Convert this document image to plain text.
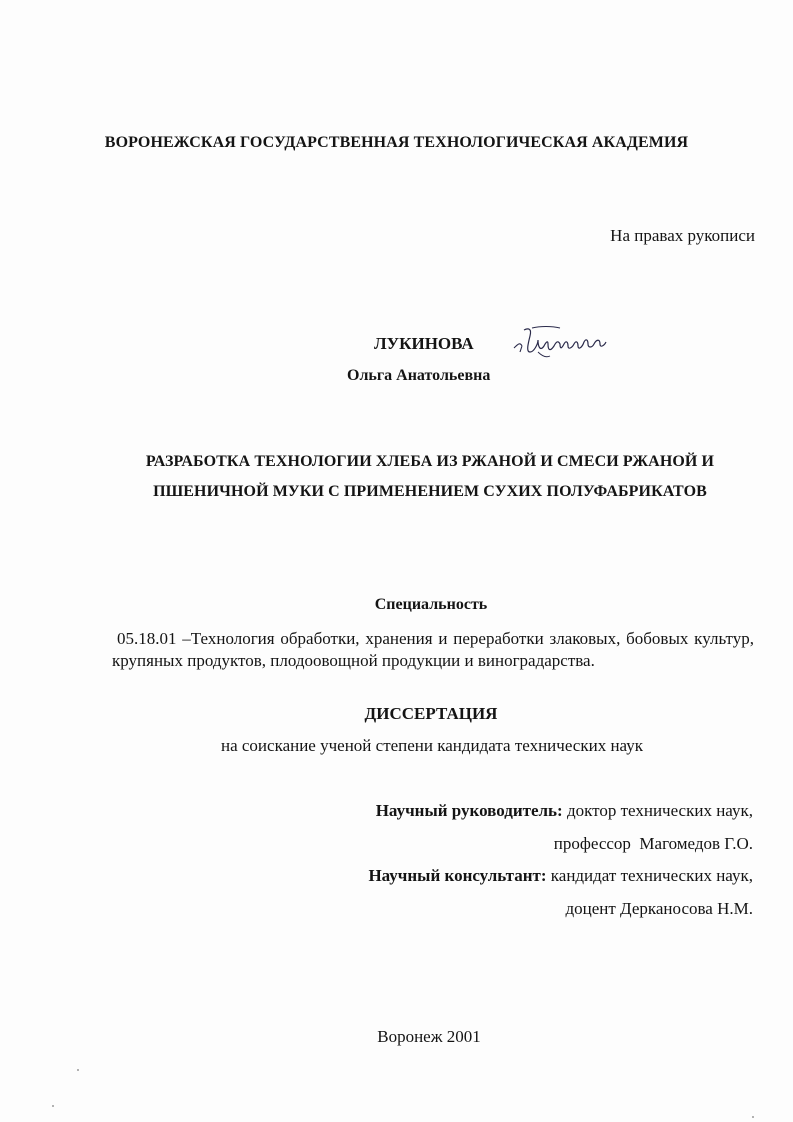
ВОРОНЕЖСКАЯ ГОСУДАРСТВЕННАЯ ТЕХНОЛОГИЧЕСКАЯ АКАДЕМИЯ
На правах рукописи
ЛУКИНОВА
Ольга Анатольевна
РАЗРАБОТКА ТЕХНОЛОГИИ ХЛЕБА ИЗ РЖАНОЙ И СМЕСИ РЖАНОЙ И
ПШЕНИЧНОЙ МУКИ С ПРИМЕНЕНИЕМ СУХИХ ПОЛУФАБРИКАТОВ
Специальность
05.18.01 –Технология обработки, хранения и переработки злаковых, бобовых культур, крупяных продуктов, плодоовощной продукции и виноградарства.
ДИССЕРТАЦИЯ
на соискание ученой степени кандидата технических наук
Научный руководитель: доктор технических наук,
профессор  Магомедов Г.О.
Научный консультант: кандидат технических наук,
доцент Дерканосова Н.М.
Воронеж 2001
